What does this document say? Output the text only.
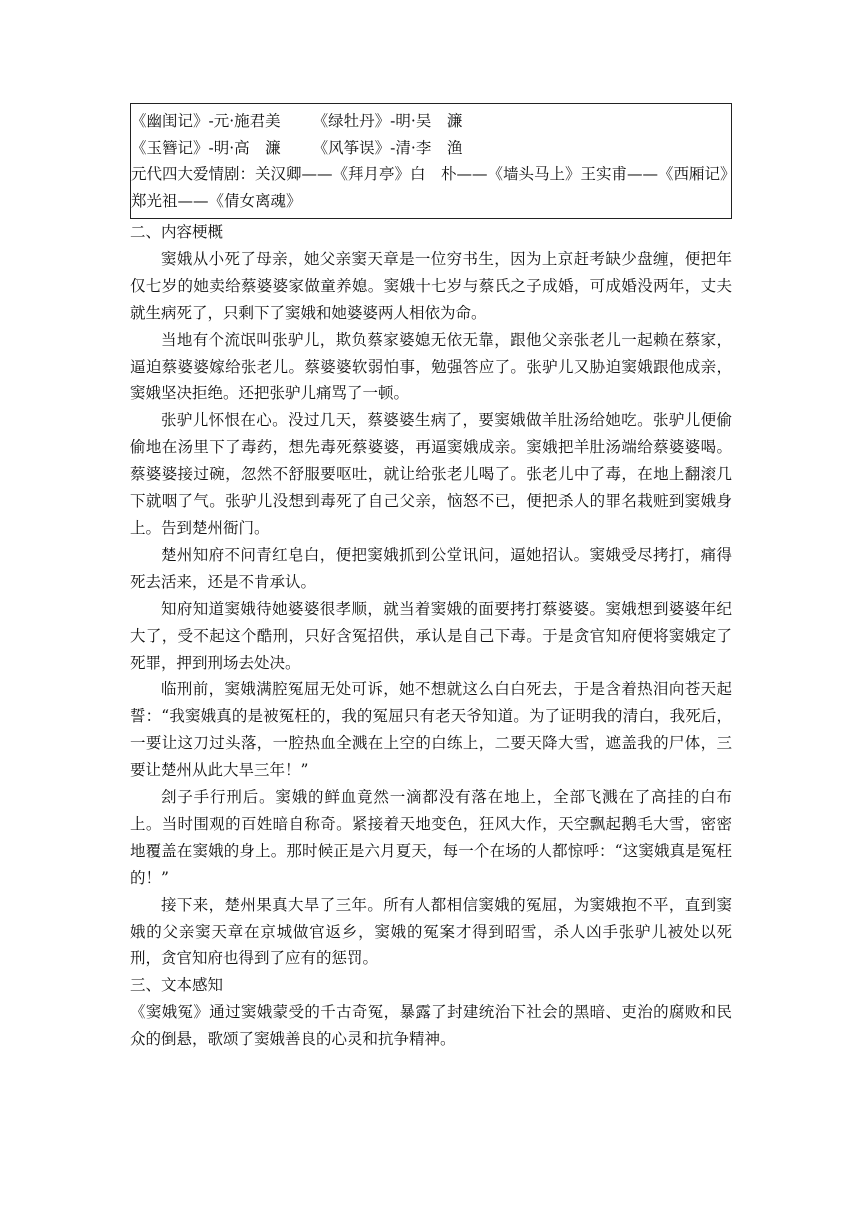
《幽闺记》-元·施君美 《绿牡丹》-明·吴　濂
《玉簪记》-明·高　濂 《风筝误》-清·李　渔
元代四大爱情剧：关汉卿——《拜月亭》白　朴——《墙头马上》王实甫——《西厢记》郑光祖——《倩女离魂》

二、内容梗概

窦娥从小死了母亲，她父亲窦天章是一位穷书生，因为上京赶考缺少盘缠，便把年仅七岁的她卖给蔡婆婆家做童养媳。窦娥十七岁与蔡氏之子成婚，可成婚没两年，丈夫就生病死了，只剩下了窦娥和她婆婆两人相依为命。

当地有个流氓叫张驴儿，欺负蔡家婆媳无依无靠，跟他父亲张老儿一起赖在蔡家，逼迫蔡婆婆嫁给张老儿。蔡婆婆软弱怕事，勉强答应了。张驴儿又胁迫窦娥跟他成亲，窦娥坚决拒绝。还把张驴儿痛骂了一顿。

张驴儿怀恨在心。没过几天，蔡婆婆生病了，要窦娥做羊肚汤给她吃。张驴儿便偷偷地在汤里下了毒药，想先毒死蔡婆婆，再逼窦娥成亲。窦娥把羊肚汤端给蔡婆婆喝。蔡婆婆接过碗，忽然不舒服要呕吐，就让给张老儿喝了。张老儿中了毒，在地上翻滚几下就咽了气。张驴儿没想到毒死了自己父亲，恼怒不已，便把杀人的罪名栽赃到窦娥身上。告到楚州衙门。

楚州知府不问青红皂白，便把窦娥抓到公堂讯问，逼她招认。窦娥受尽拷打，痛得死去活来，还是不肯承认。

知府知道窦娥待她婆婆很孝顺，就当着窦娥的面要拷打蔡婆婆。窦娥想到婆婆年纪大了，受不起这个酷刑，只好含冤招供，承认是自己下毒。于是贪官知府便将窦娥定了死罪，押到刑场去处决。

临刑前，窦娥满腔冤屈无处可诉，她不想就这么白白死去，于是含着热泪向苍天起誓：“我窦娥真的是被冤枉的，我的冤屈只有老天爷知道。为了证明我的清白，我死后，一要让这刀过头落，一腔热血全溅在上空的白练上，二要天降大雪，遮盖我的尸体，三要让楚州从此大旱三年！”

刽子手行刑后。窦娥的鲜血竟然一滴都没有落在地上，全部飞溅在了高挂的白布上。当时围观的百姓暗自称奇。紧接着天地变色，狂风大作，天空飘起鹅毛大雪，密密地覆盖在窦娥的身上。那时候正是六月夏天，每一个在场的人都惊呼：“这窦娥真是冤枉的！”

接下来，楚州果真大旱了三年。所有人都相信窦娥的冤屈，为窦娥抱不平，直到窦娥的父亲窦天章在京城做官返乡，窦娥的冤案才得到昭雪，杀人凶手张驴儿被处以死刑，贪官知府也得到了应有的惩罚。

三、文本感知

《窦娥冤》通过窦娥蒙受的千古奇冤，暴露了封建统治下社会的黑暗、吏治的腐败和民众的倒悬，歌颂了窦娥善良的心灵和抗争精神。
